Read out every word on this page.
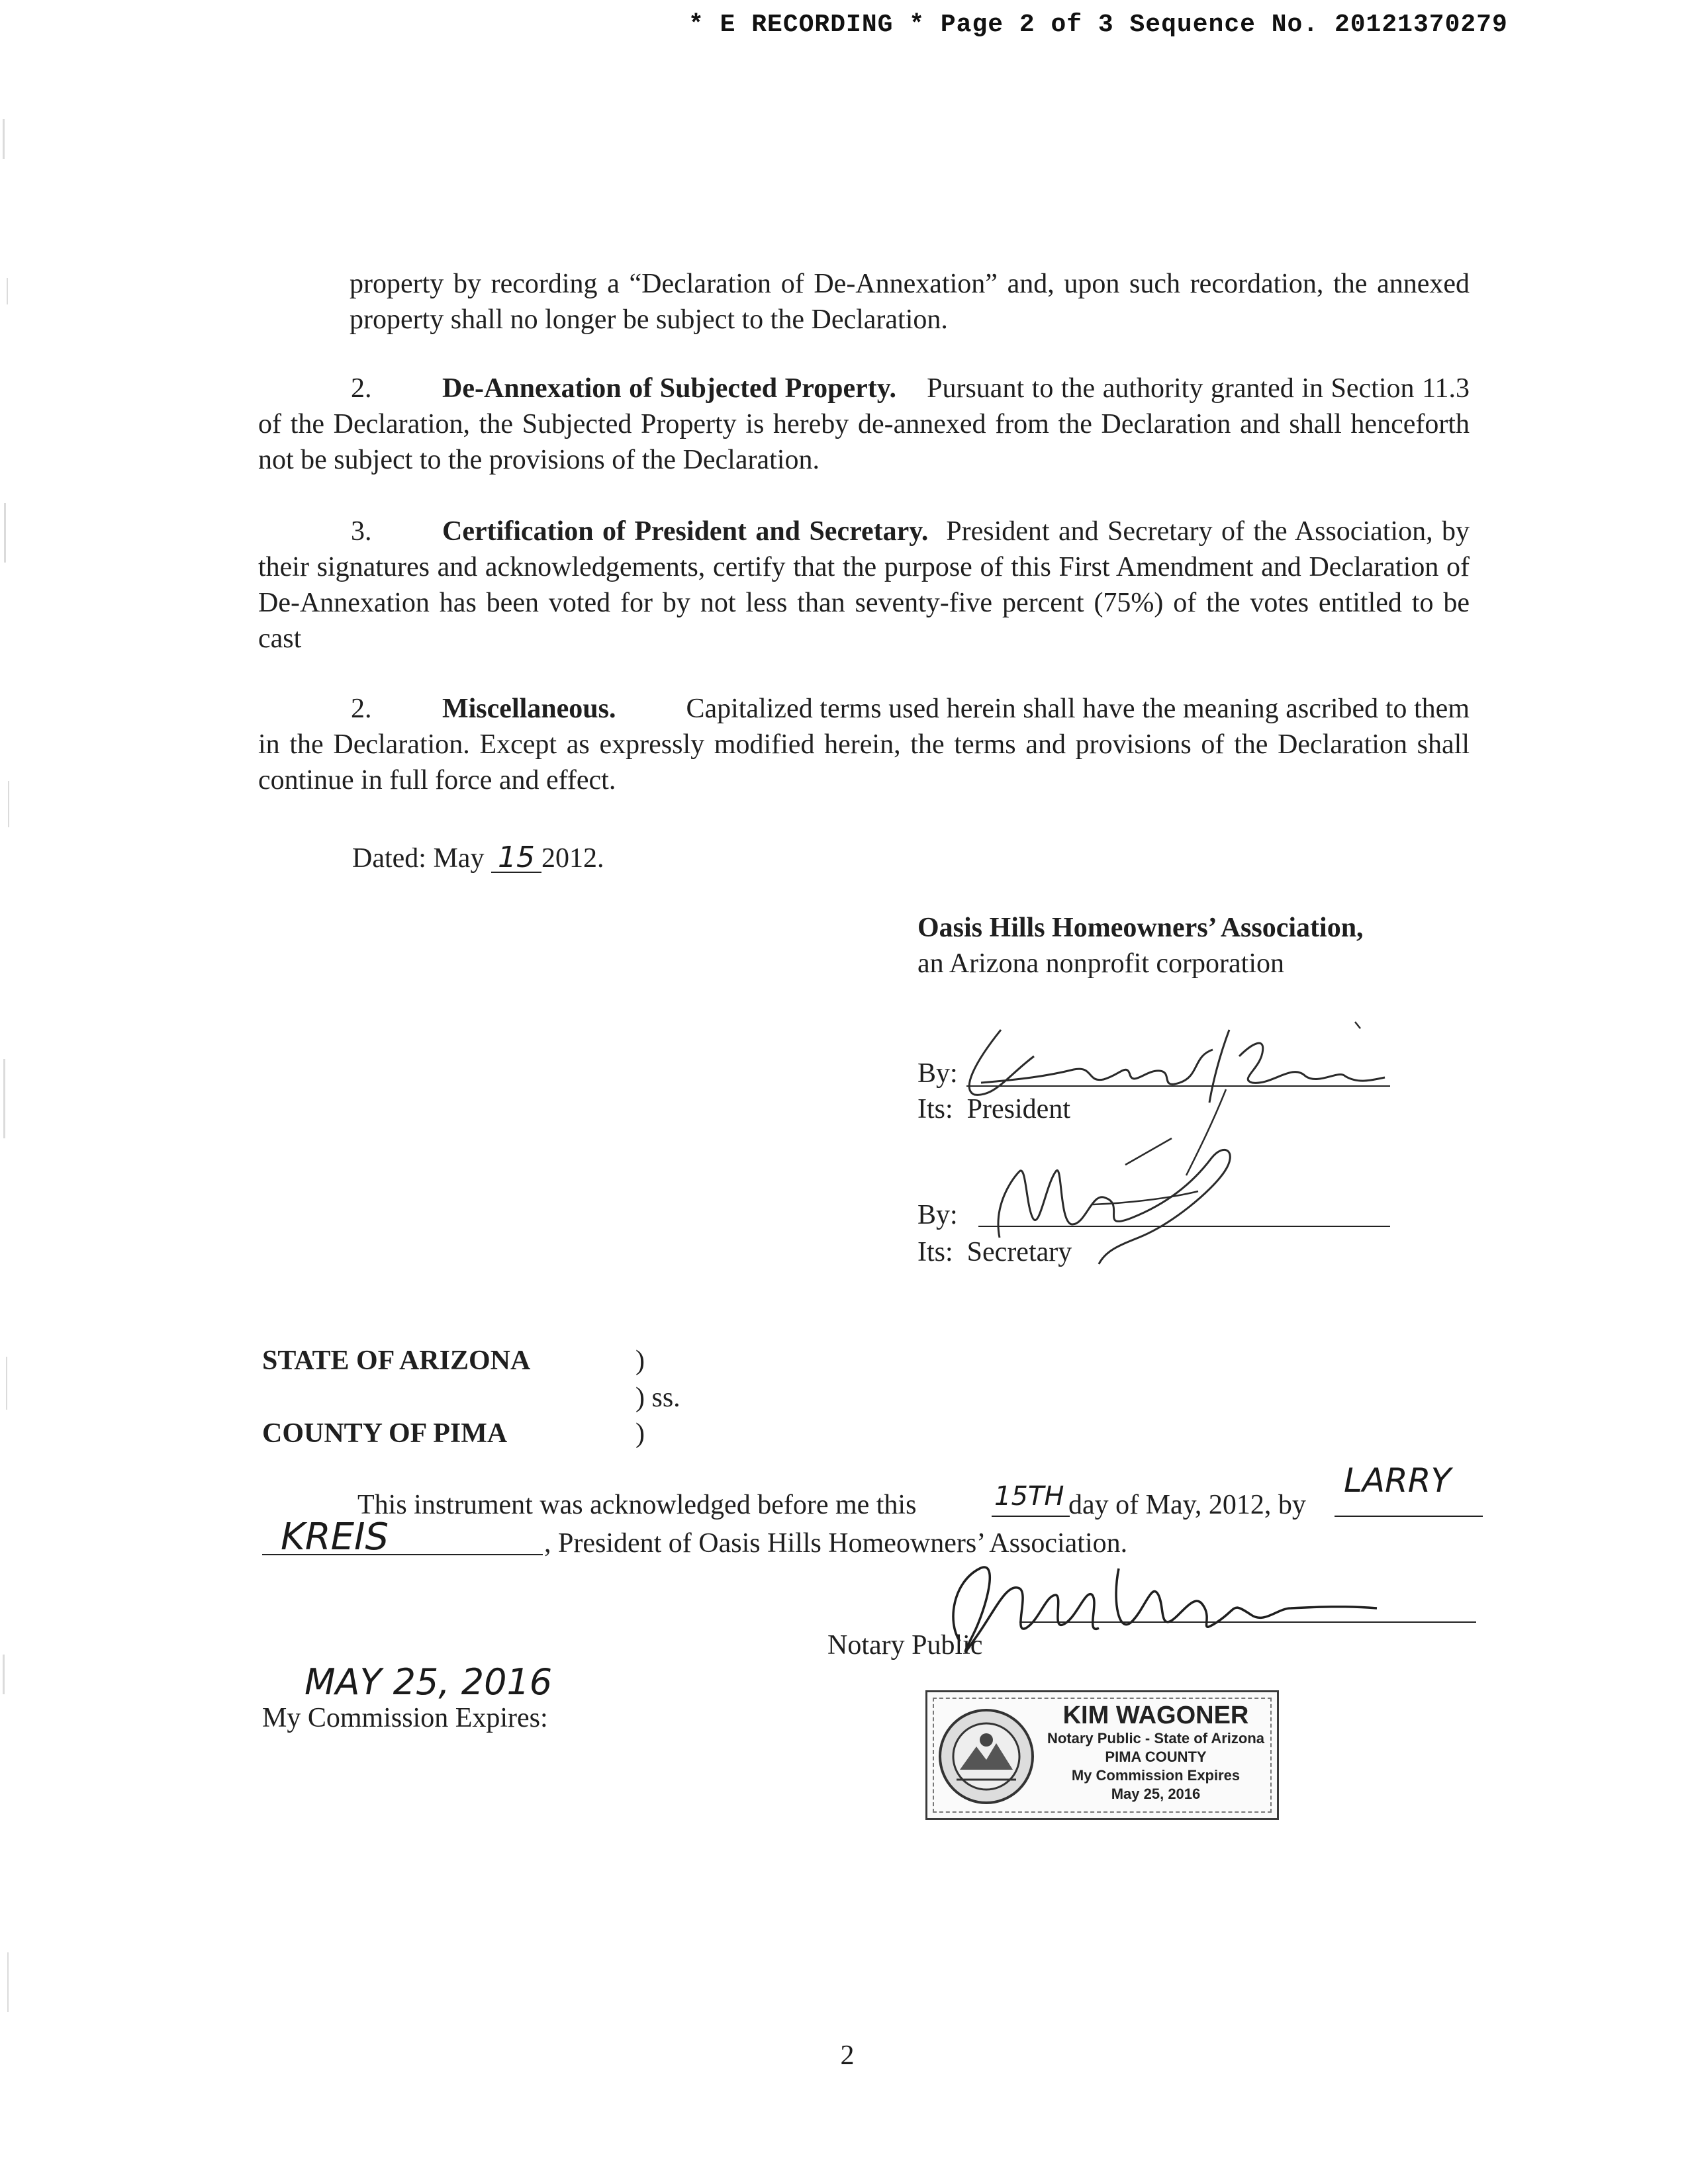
* E RECORDING * Page 2 of 3 Sequence No. 20121370279
property by recording a “Declaration of De-Annexation” and, upon such recordation, the annexed property shall no longer be subject to the Declaration.
2.	De-Annexation of Subjected Property. Pursuant to the authority granted in Section 11.3 of the Declaration, the Subjected Property is hereby de-annexed from the Declaration and shall henceforth not be subject to the provisions of the Declaration.
3.	Certification of President and Secretary. President and Secretary of the Association, by their signatures and acknowledgements, certify that the purpose of this First Amendment and Declaration of De-Annexation has been voted for by not less than seventy-five percent (75%) of the votes entitled to be cast
2.	Miscellaneous.	Capitalized terms used herein shall have the meaning ascribed to them in the Declaration. Except as expressly modified herein, the terms and provisions of the Declaration shall continue in full force and effect.
Dated: May 15 2012.
Oasis Hills Homeowners’ Association,
an Arizona nonprofit corporation
By:
Its: President
By:
Its: Secretary
STATE OF ARIZONA	)
) ss.
COUNTY OF PIMA	)
This instrument was acknowledged before me this	15TH day of May, 2012, by
LARRY
KREIS	, President of Oasis Hills Homeowners’ Association.
Notary Public
MAY 25, 2016
My Commission Expires:	KIM WAGONER
Notary Public - State of Arizona
PIMA COUNTY
My Commission Expires
May 25, 2016
2
